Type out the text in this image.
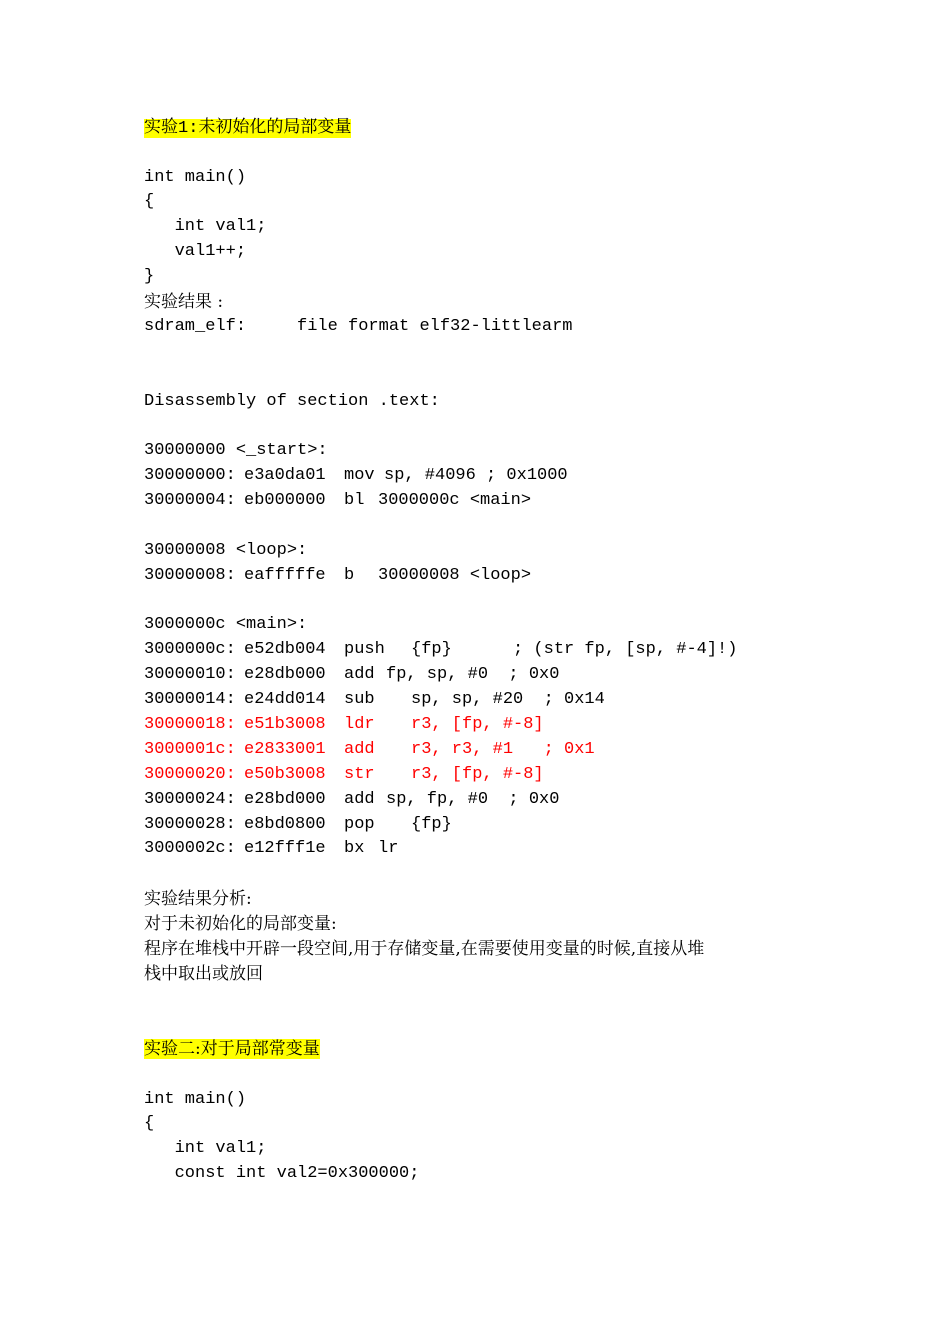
实验1:未初始化的局部变量
int main()
{
int val1;
val1++;
}
实验结果 :
sdram_elf:     file format elf32-littlearm
Disassembly of section .text:
30000000 <_start>:

30000000:

e3a0da01

mov

sp, #4096 ; 0x1000

30000004:

eb000000

bl

3000000c <main>

30000008 <loop>:

30000008:

eafffffe

b

30000008 <loop>

3000000c <main>:

3000000c:

e52db004

push

{fp}      ; (str fp, [sp, #-4]!)

30000010:

e28db000

add

fp, sp, #0  ; 0x0

30000014:

e24dd014

sub

sp, sp, #20  ; 0x14

30000018:

e51b3008

ldr

r3, [fp, #-8]

3000001c:

e2833001

add

r3, r3, #1   ; 0x1

30000020:

e50b3008

str

r3, [fp, #-8]

30000024:

e28bd000

add

sp, fp, #0  ; 0x0

30000028:

e8bd0800

pop

{fp}

3000002c:

e12fff1e

bx

lr

实验结果分析:
对于未初始化的局部变量:
程序在堆栈中开辟一段空间,用于存储变量,在需要使用变量的时候,直接从堆
栈中取出或放回
实验二:对于局部常变量
int main()
{
int val1;
const int val2=0x300000;
